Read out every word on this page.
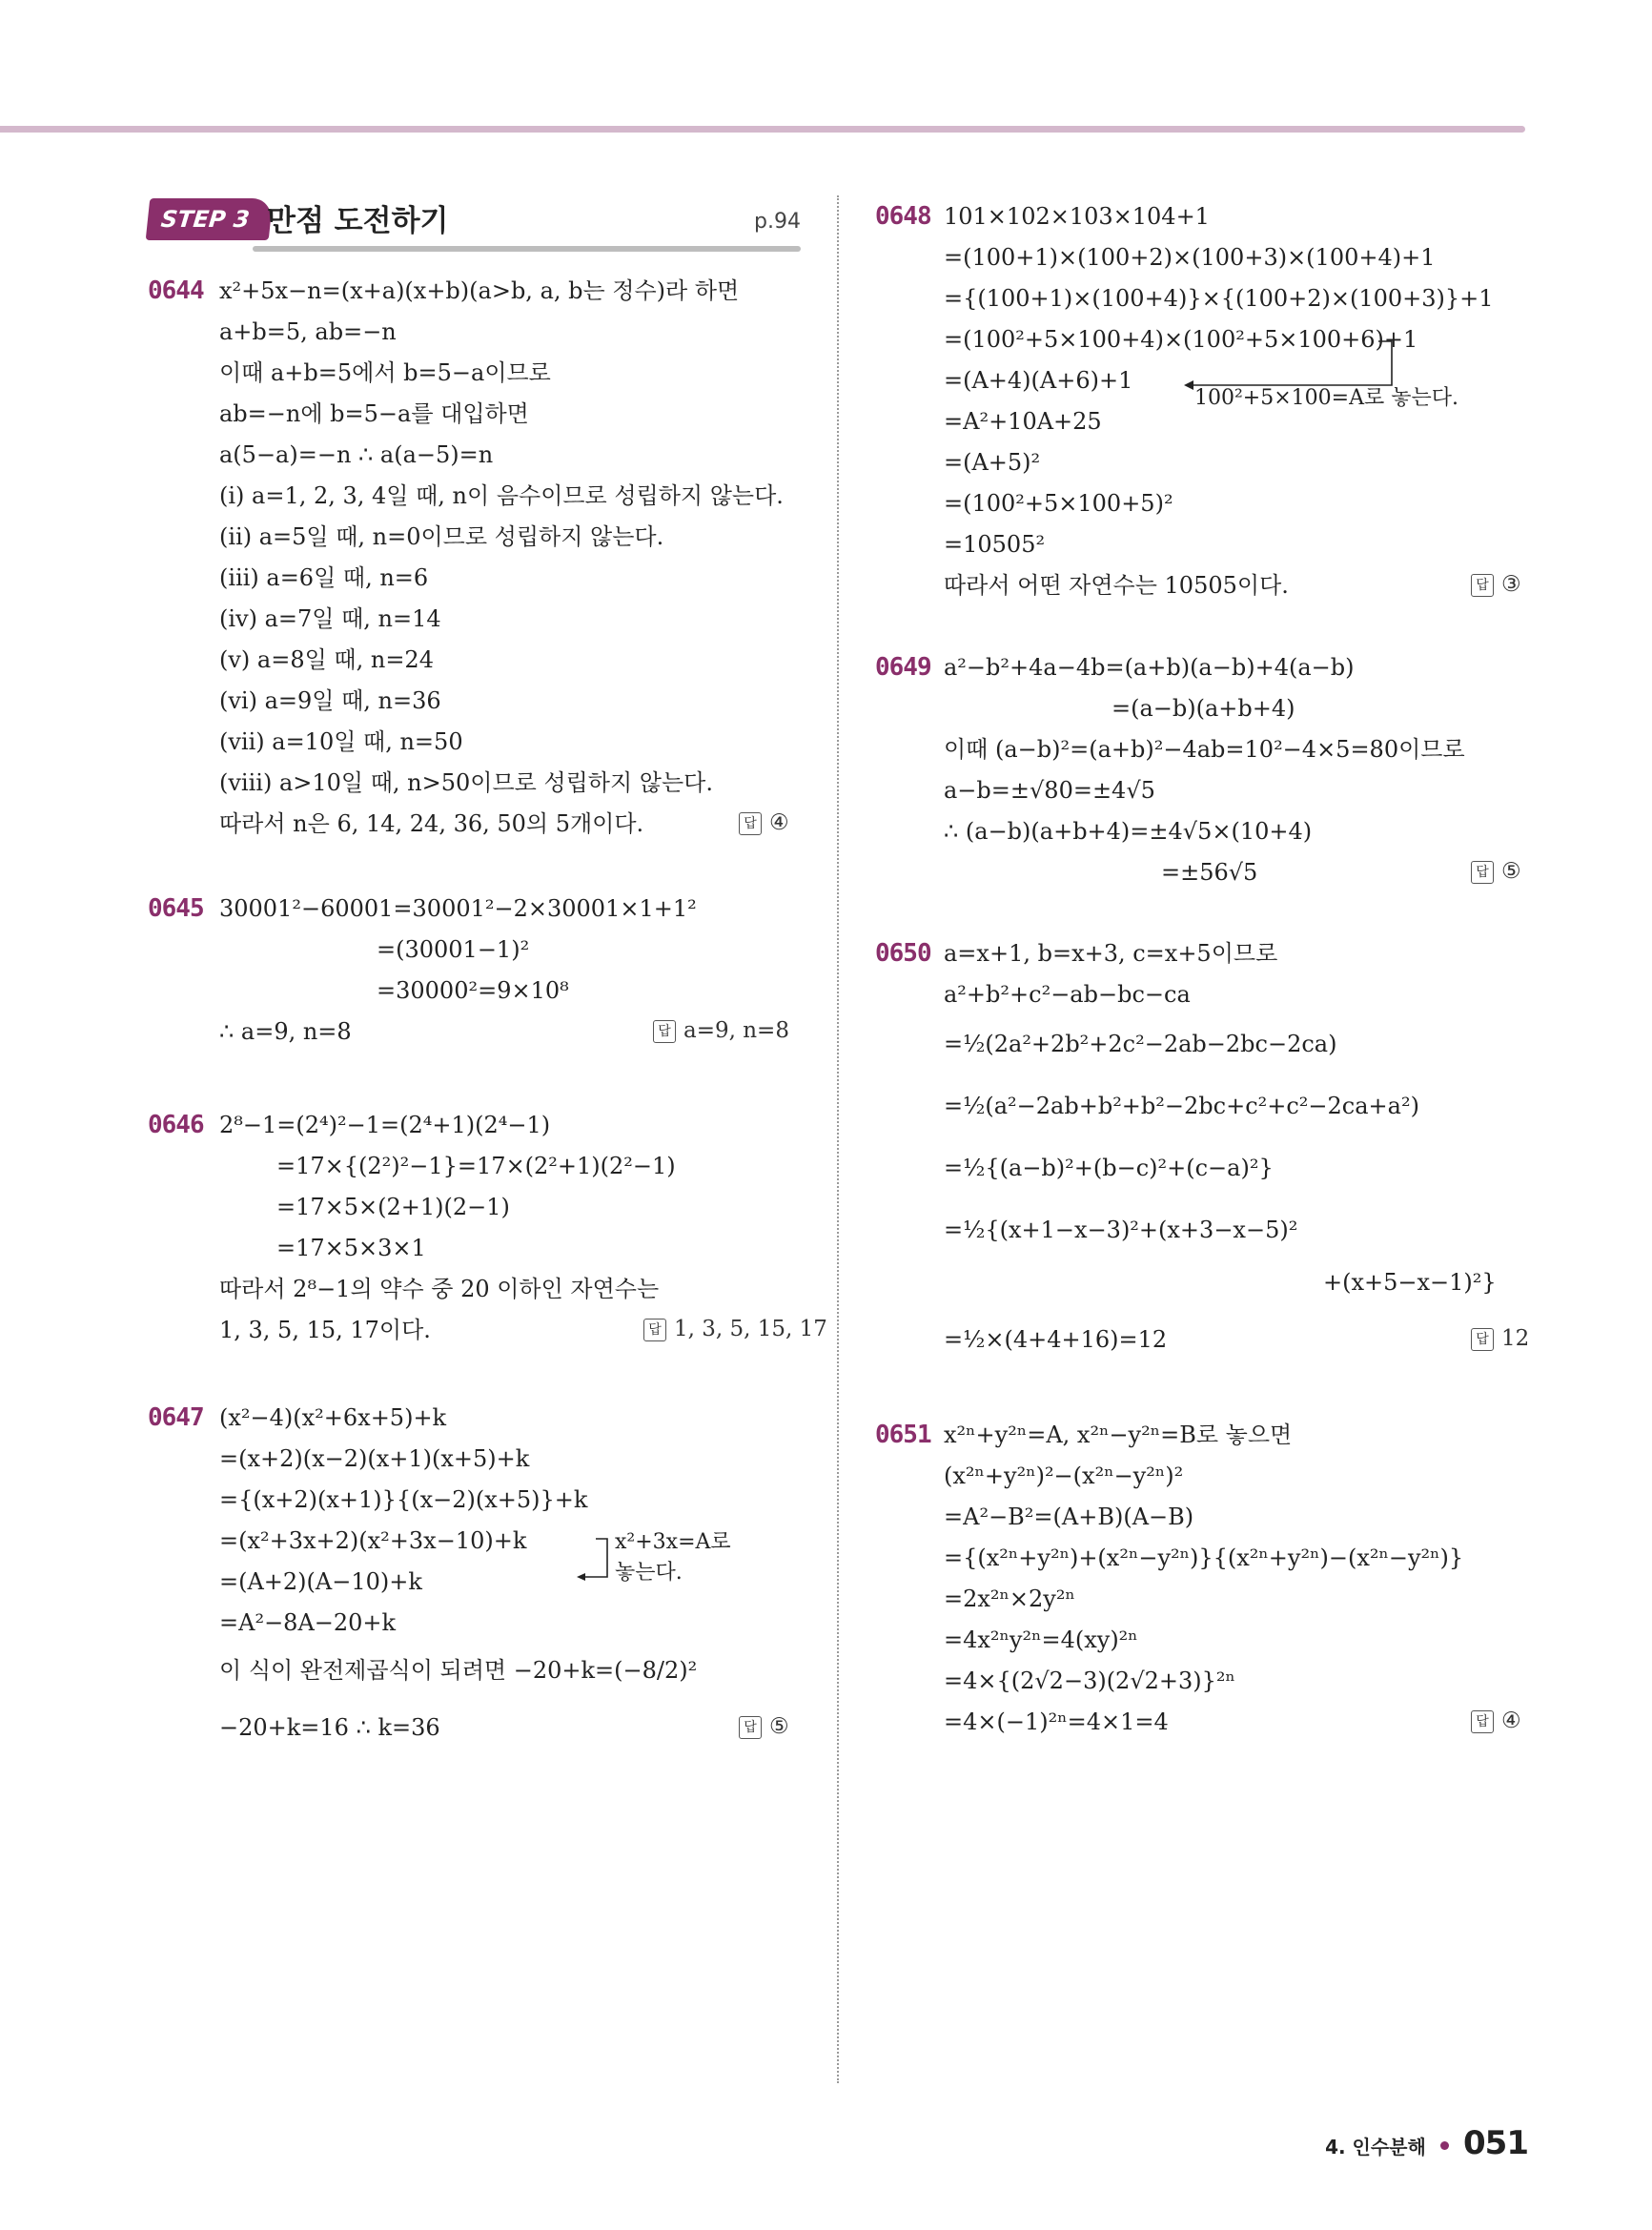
STEP 3 만점 도전하기	p.94
0644 x²+5x−n=(x+a)(x+b)(a>b, a, b는 정수)라 하면
a+b=5, ab=−n
이때 a+b=5에서 b=5−a이므로
ab=−n에 b=5−a를 대입하면
a(5−a)=−n ∴ a(a−5)=n
(ⅰ) a=1, 2, 3, 4일 때, n이 음수이므로 성립하지 않는다.
(ⅱ) a=5일 때, n=0이므로 성립하지 않는다.
(ⅲ) a=6일 때, n=6
(ⅳ) a=7일 때, n=14
(ⅴ) a=8일 때, n=24
(ⅵ) a=9일 때, n=36
(ⅶ) a=10일 때, n=50
(ⅷ) a>10일 때, n>50이므로 성립하지 않는다.
따라서 n은 6, 14, 24, 36, 50의 5개이다.	답 ④
0645 30001²−60001=30001²−2×30001×1+1²
=(30001−1)²
=30000²=9×10⁸
∴ a=9, n=8	답 a=9, n=8
0646 2⁸−1=(2⁴)²−1=(2⁴+1)(2⁴−1)
=17×{(2²)²−1}=17×(2²+1)(2²−1)
=17×5×(2+1)(2−1)
=17×5×3×1
따라서 2⁸−1의 약수 중 20 이하인 자연수는
1, 3, 5, 15, 17이다.	답 1, 3, 5, 15, 17
0647 (x²−4)(x²+6x+5)+k
=(x+2)(x−2)(x+1)(x+5)+k
={(x+2)(x+1)}{(x−2)(x+5)}+k
=(x²+3x+2)(x²+3x−10)+k
=(A+2)(A−10)+k
=A²−8A−20+k
이 식이 완전제곱식이 되려면 −20+k=(−8/2)²
−20+k=16 ∴ k=36
x²+3x=A로
놓는다.
답 ⑤
0648 101×102×103×104+1
=(100+1)×(100+2)×(100+3)×(100+4)+1
={(100+1)×(100+4)}×{(100+2)×(100+3)}+1
=(100²+5×100+4)×(100²+5×100+6)+1
=(A+4)(A+6)+1
=A²+10A+25
=(A+5)²
=(100²+5×100+5)²
=10505²
따라서 어떤 자연수는 10505이다.
100²+5×100=A로 놓는다.
답 ③
0649 a²−b²+4a−4b=(a+b)(a−b)+4(a−b)
=(a−b)(a+b+4)
이때 (a−b)²=(a+b)²−4ab=10²−4×5=80이므로
a−b=±√80=±4√5
∴ (a−b)(a+b+4)=±4√5×(10+4)
=±56√5	답 ⑤
0650 a=x+1, b=x+3, c=x+5이므로
a²+b²+c²−ab−bc−ca
=½(2a²+2b²+2c²−2ab−2bc−2ca)
=½(a²−2ab+b²+b²−2bc+c²+c²−2ca+a²)
=½{(a−b)²+(b−c)²+(c−a)²}
=½{(x+1−x−3)²+(x+3−x−5)²
+(x+5−x−1)²}
=½×(4+4+16)=12	답 12
0651 x²ⁿ+y²ⁿ=A, x²ⁿ−y²ⁿ=B로 놓으면
(x²ⁿ+y²ⁿ)²−(x²ⁿ−y²ⁿ)²
=A²−B²=(A+B)(A−B)
={(x²ⁿ+y²ⁿ)+(x²ⁿ−y²ⁿ)}{(x²ⁿ+y²ⁿ)−(x²ⁿ−y²ⁿ)}
=2x²ⁿ×2y²ⁿ
=4x²ⁿy²ⁿ=4(xy)²ⁿ
=4×{(2√2−3)(2√2+3)}²ⁿ
=4×(−1)²ⁿ=4×1=4	답 ④
4. 인수분해 051
